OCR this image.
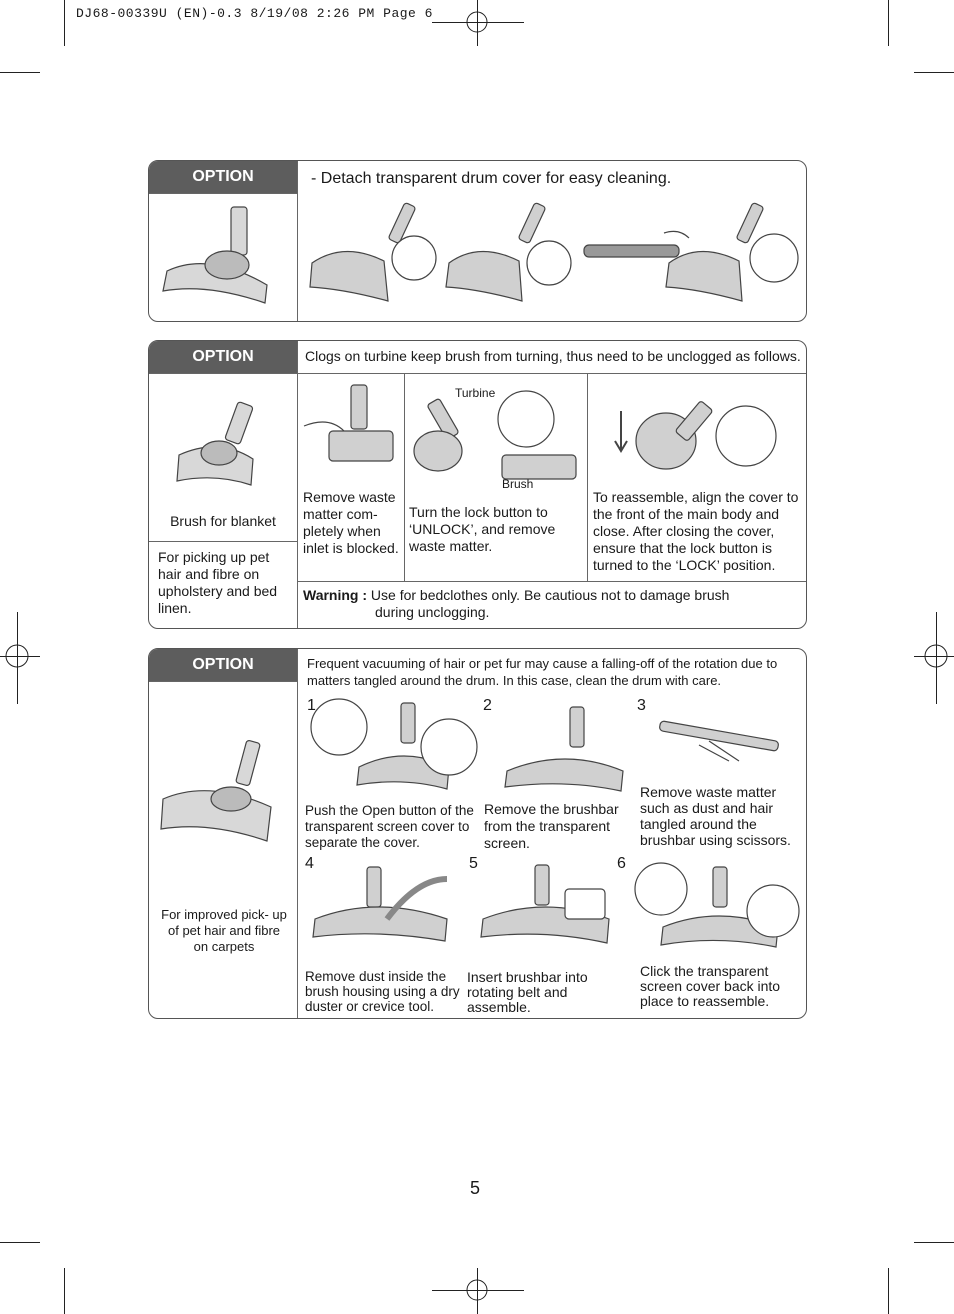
DJ68-00339U (EN)-0.3 8/19/08 2:26 PM Page 6
OPTION	- Detach transparent drum cover for easy cleaning.
OPTION	Clogs on turbine keep brush from turning, thus need to be unclogged as follows.
Brush for blanket
For picking up pet hair and fibre on upholstery and bed linen.
Remove waste matter com- pletely when inlet is blocked.
Turbine
Brush
Turn the lock button to ‘UNLOCK’, and remove waste matter.
To reassemble, align the cover to the front of the main body and close. After closing the cover, ensure that the lock button is turned to the ‘LOCK’ position.
Warning : Use for bedclothes only. Be cautious not to damage brush
during unclogging.
OPTION	Frequent vacuuming of hair or pet fur may cause a falling-off of the rotation due to matters tangled around the drum. In this case, clean the drum with care.
For improved pick- up of pet hair and fibre on carpets
1
Push the Open button of the transparent screen cover to separate the cover.
2
Remove the brushbar from the transparent screen.
3
Remove waste matter such as dust and hair tangled around the brushbar using scissors.
4
Remove dust inside the brush housing using a dry duster or crevice tool.
5
Insert brushbar into rotating belt and assemble.
6
Click the transparent screen cover back into place to reassemble.
5
